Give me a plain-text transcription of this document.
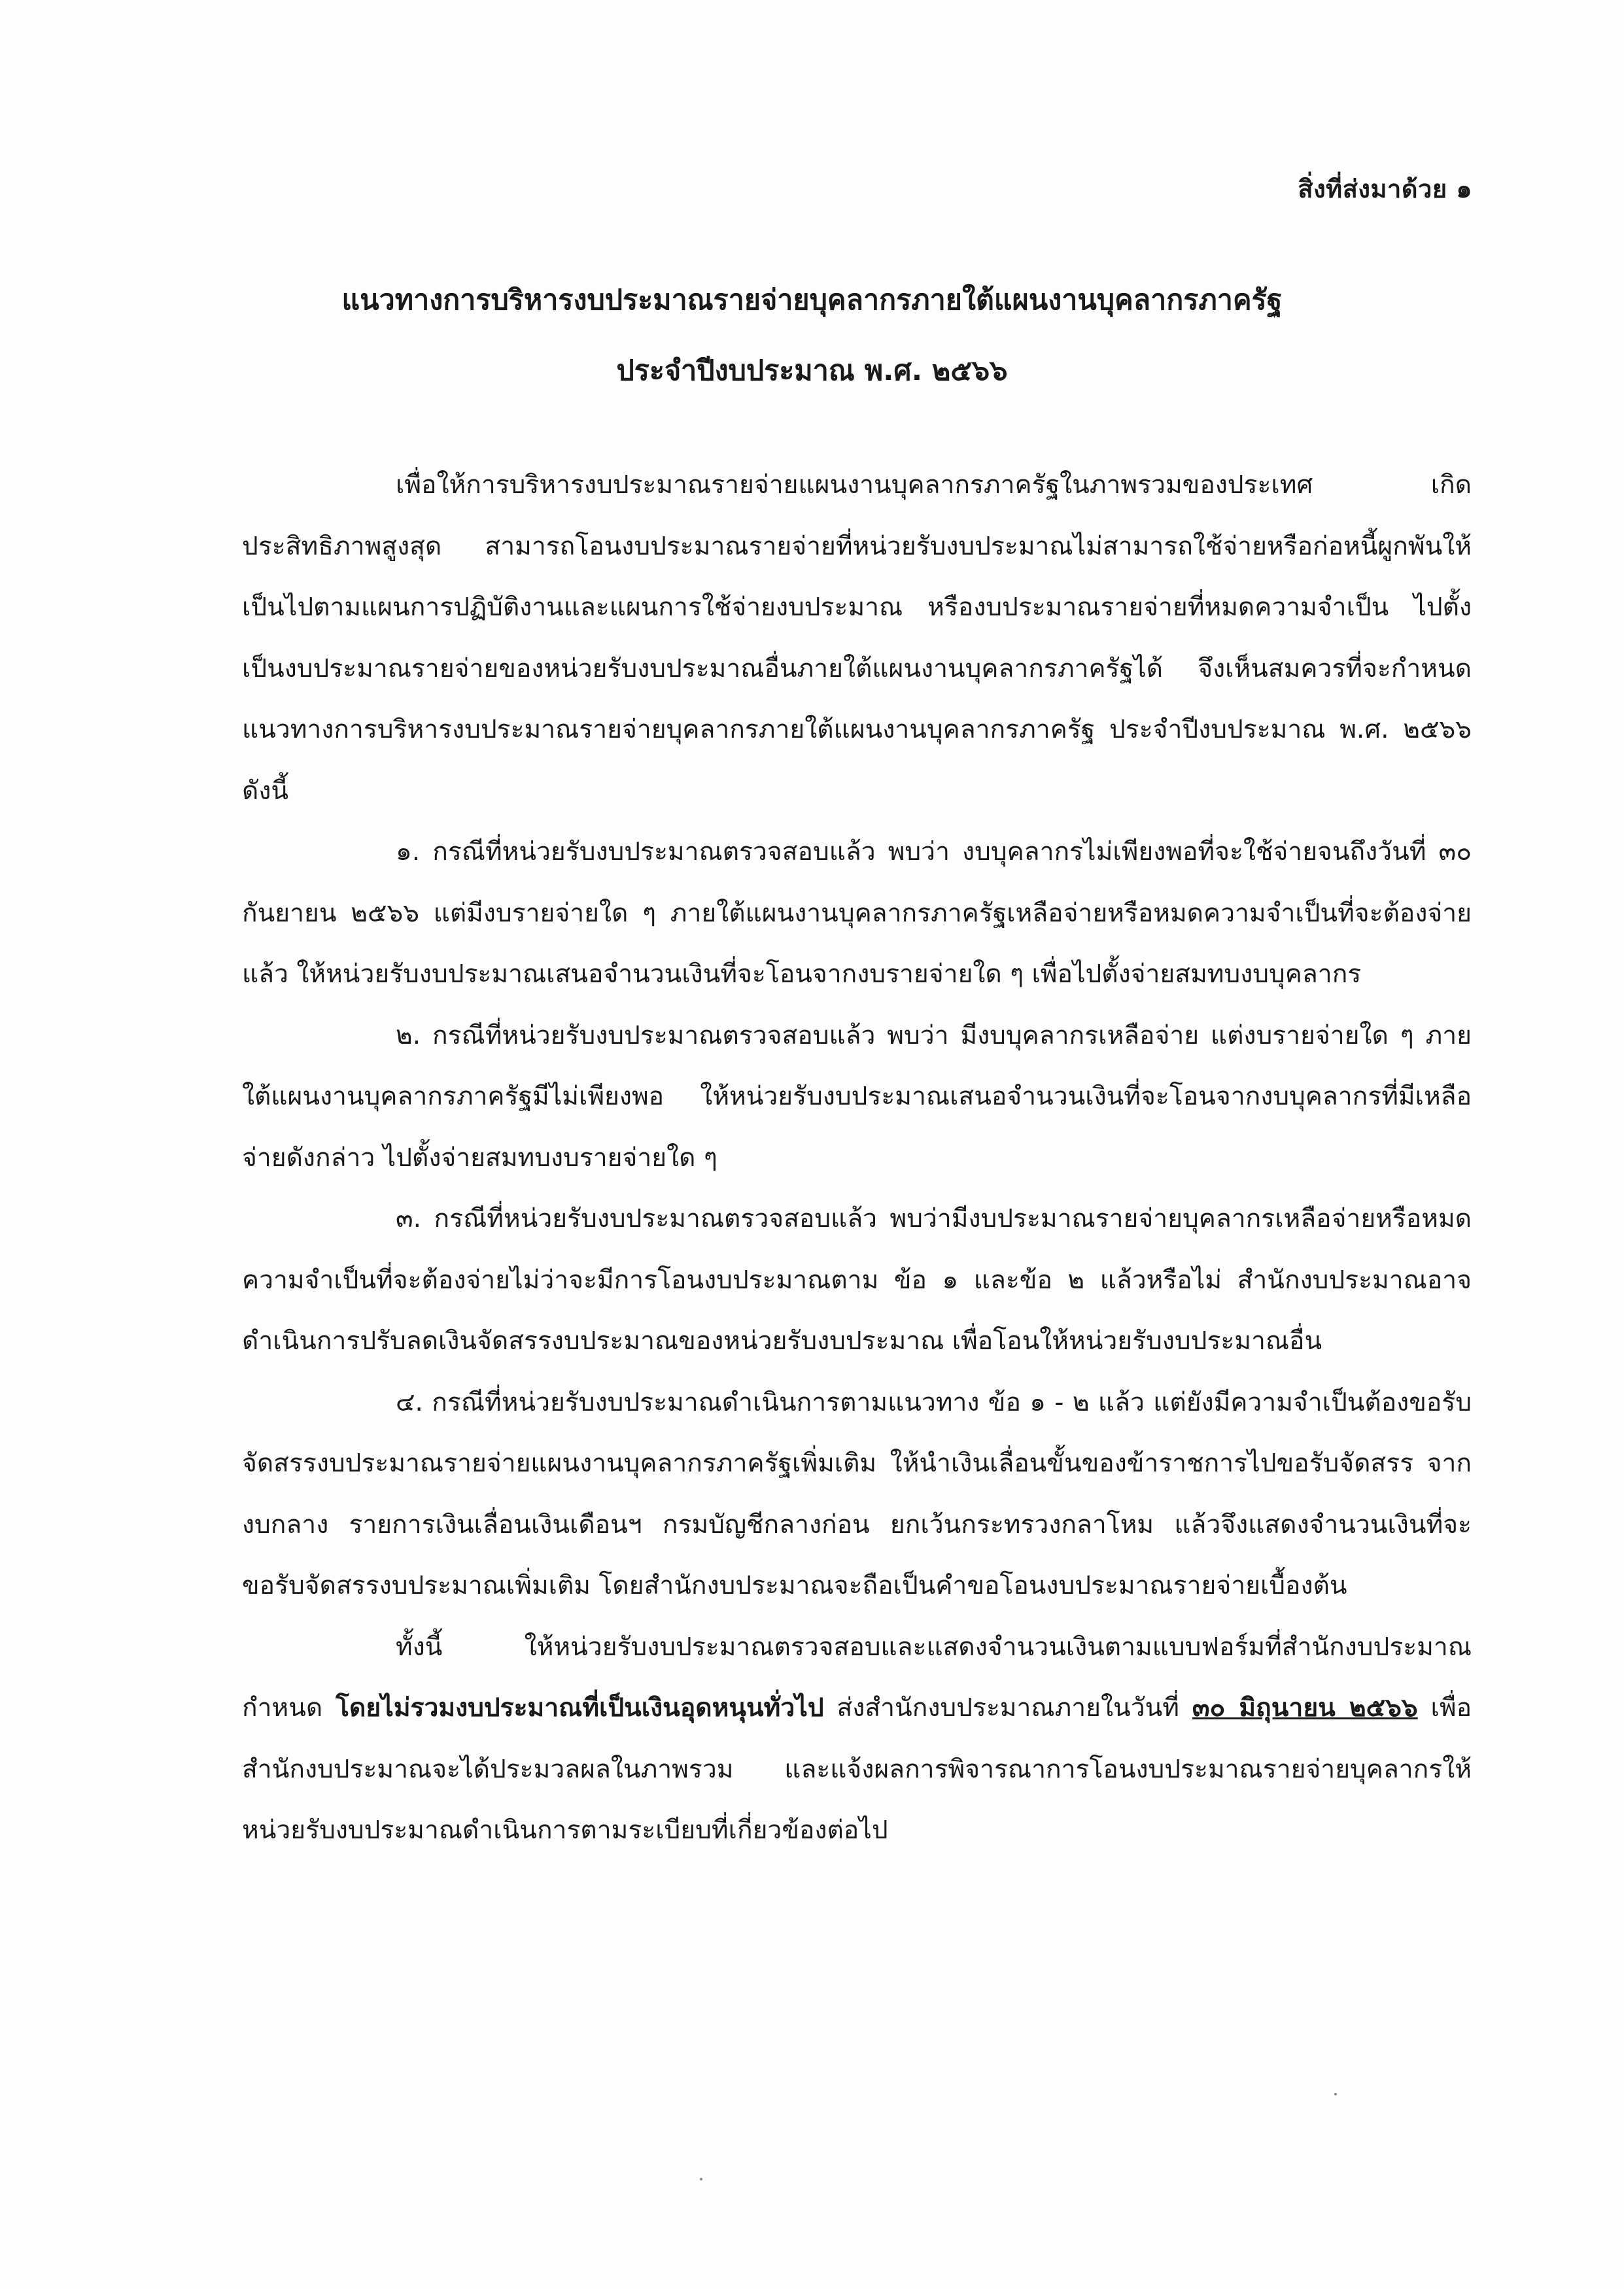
สิ่งที่ส่งมาด้วย ๑
แนวทางการบริหารงบประมาณรายจ่ายบุคลากรภายใต้แผนงานบุคลากรภาครัฐ
ประจำปีงบประมาณ พ.ศ. ๒๕๖๖

เพื่อให้การบริหารงบประมาณรายจ่ายแผนงานบุคลากรภาครัฐในภาพรวมของประเทศ เกิดประสิทธิภาพสูงสุด สามารถโอนงบประมาณรายจ่ายที่หน่วยรับงบประมาณไม่สามารถใช้จ่ายหรือก่อหนี้ผูกพันให้เป็นไปตามแผนการปฏิบัติงานและแผนการใช้จ่ายงบประมาณ หรืองบประมาณรายจ่ายที่หมดความจำเป็น ไปตั้งเป็นงบประมาณรายจ่ายของหน่วยรับงบประมาณอื่นภายใต้แผนงานบุคลากรภาครัฐได้ จึงเห็นสมควรที่จะกำหนดแนวทางการบริหารงบประมาณรายจ่ายบุคลากรภายใต้แผนงานบุคลากรภาครัฐ ประจำปีงบประมาณ พ.ศ. ๒๕๖๖ ดังนี้

๑. กรณีที่หน่วยรับงบประมาณตรวจสอบแล้ว พบว่า งบบุคลากรไม่เพียงพอที่จะใช้จ่ายจนถึงวันที่ ๓๐ กันยายน ๒๕๖๖ แต่มีงบรายจ่ายใด ๆ ภายใต้แผนงานบุคลากรภาครัฐเหลือจ่ายหรือหมดความจำเป็นที่จะต้องจ่ายแล้ว ให้หน่วยรับงบประมาณเสนอจำนวนเงินที่จะโอนจากงบรายจ่ายใด ๆ เพื่อไปตั้งจ่ายสมทบงบบุคลากร

๒. กรณีที่หน่วยรับงบประมาณตรวจสอบแล้ว พบว่า มีงบบุคลากรเหลือจ่าย แต่งบรายจ่ายใด ๆ ภายใต้แผนงานบุคลากรภาครัฐมีไม่เพียงพอ ให้หน่วยรับงบประมาณเสนอจำนวนเงินที่จะโอนจากงบบุคลากรที่มีเหลือจ่ายดังกล่าว ไปตั้งจ่ายสมทบงบรายจ่ายใด ๆ

๓. กรณีที่หน่วยรับงบประมาณตรวจสอบแล้ว พบว่ามีงบประมาณรายจ่ายบุคลากรเหลือจ่ายหรือหมดความจำเป็นที่จะต้องจ่ายไม่ว่าจะมีการโอนงบประมาณตาม ข้อ ๑ และข้อ ๒ แล้วหรือไม่ สำนักงบประมาณอาจดำเนินการปรับลดเงินจัดสรรงบประมาณของหน่วยรับงบประมาณ เพื่อโอนให้หน่วยรับงบประมาณอื่น

๔. กรณีที่หน่วยรับงบประมาณดำเนินการตามแนวทาง ข้อ ๑ - ๒ แล้ว แต่ยังมีความจำเป็นต้องขอรับจัดสรรงบประมาณรายจ่ายแผนงานบุคลากรภาครัฐเพิ่มเติม ให้นำเงินเลื่อนขั้นของข้าราชการไปขอรับจัดสรร จากงบกลาง รายการเงินเลื่อนเงินเดือนฯ กรมบัญชีกลางก่อน ยกเว้นกระทรวงกลาโหม แล้วจึงแสดงจำนวนเงินที่จะขอรับจัดสรรงบประมาณเพิ่มเติม โดยสำนักงบประมาณจะถือเป็นคำขอโอนงบประมาณรายจ่ายเบื้องต้น

ทั้งนี้ ให้หน่วยรับงบประมาณตรวจสอบและแสดงจำนวนเงินตามแบบฟอร์มที่สำนักงบประมาณกำหนด โดยไม่รวมงบประมาณที่เป็นเงินอุดหนุนทั่วไป ส่งสำนักงบประมาณภายในวันที่ ๓๐ มิถุนายน ๒๕๖๖ เพื่อสำนักงบประมาณจะได้ประมวลผลในภาพรวม และแจ้งผลการพิจารณาการโอนงบประมาณรายจ่ายบุคลากรให้หน่วยรับงบประมาณดำเนินการตามระเบียบที่เกี่ยวข้องต่อไป
